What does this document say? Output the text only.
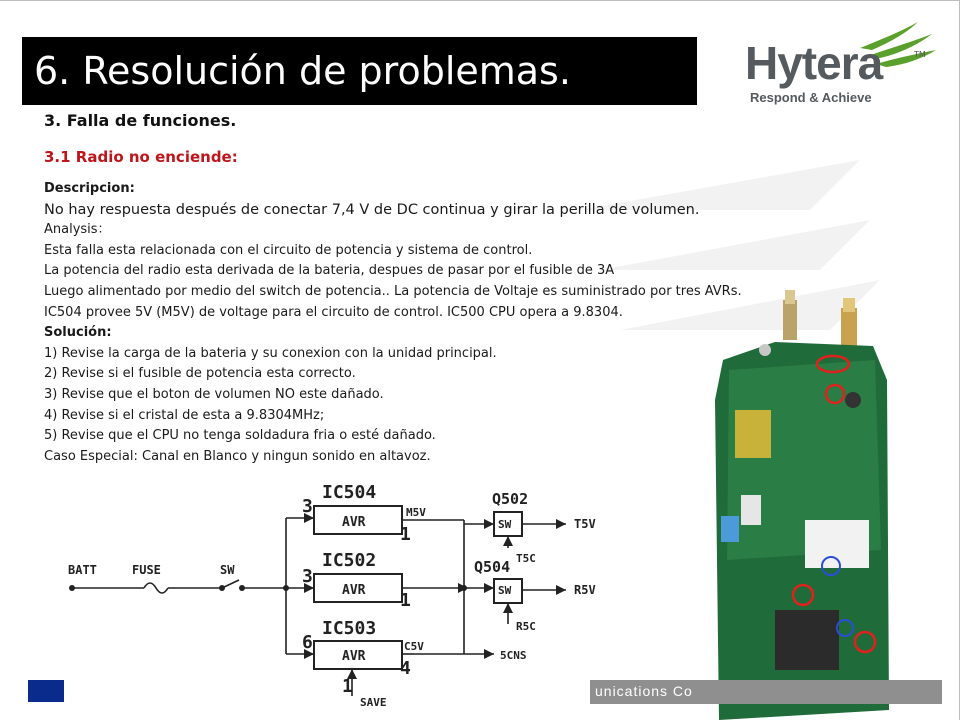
6. Resolución de problemas.	Hytera	TM
Respond & Achieve
3. Falla de funciones.
3.1 Radio no enciende:
Descripcion:
No hay respuesta después de conectar 7,4 V de DC continua y girar la perilla de volumen.
Analysis：
Esta falla esta relacionada con el circuito de potencia y sistema de control.
La potencia del radio esta derivada de la bateria, despues de pasar por el fusible de 3A
Luego alimentado por medio del switch de potencia.. La potencia de Voltaje es suministrado por tres AVRs.
IC504 provee 5V (M5V) de voltage para el circuito de control. IC500 CPU opera a 9.8304.
Solución:
1) Revise la carga de la bateria y su conexion con la unidad principal.
2) Revise si el fusible de potencia esta correcto.
3) Revise que el boton de volumen NO este dañado.
4) Revise si el cristal de esta a 9.8304MHz;
5) Revise que el CPU no tenga soldadura fria o esté dañado.
Caso Especial: Canal en Blanco y ningun sonido en altavoz.
BATT	FUSE	SW
IC504
AVR
3
1
M5V
IC502
AVR
3
1
IC503
AVR
6
4
1
C5V
SAVE
Q502
SW
T5C
T5V
Q504
SW
R5C
R5V
5CNS
unications Co
